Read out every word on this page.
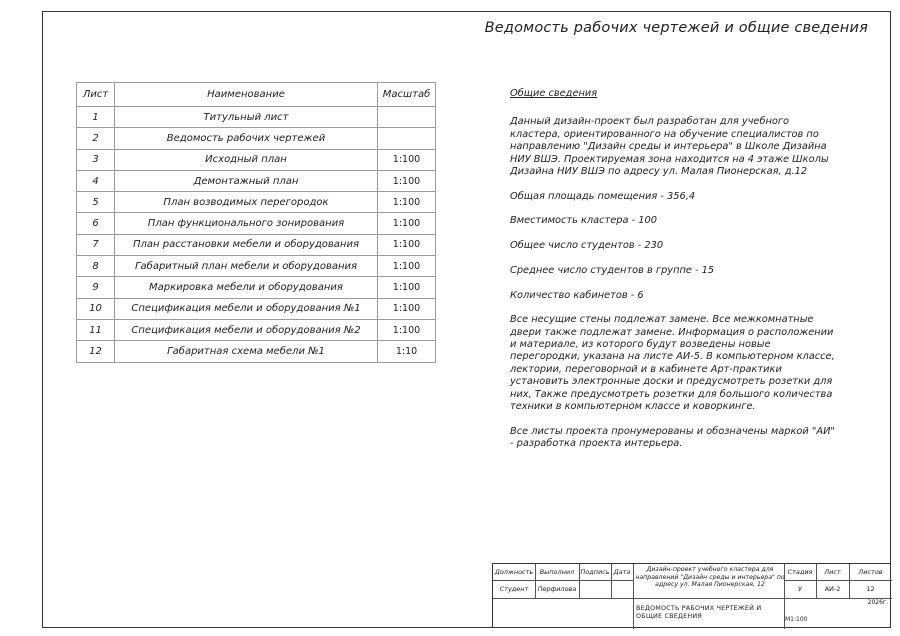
Ведомость рабочих чертежей и общие сведения
Лист	Наименование	Масштаб
1	Титульный лист	
2	Ведомость рабочих чертежей	
3	Исходный план	1:100
4	Демонтажный план	1:100
5	План возводимых перегородок	1:100
6	План функционального зонирования	1:100
7	План расстановки мебели и оборудования	1:100
8	Габаритный план мебели и оборудования	1:100
9	Маркировка мебели и оборудования	1:100
10	Спецификация мебели и оборудования №1	1:100
11	Спецификация мебели и оборудования №2	1:100
12	Габаритная схема мебели №1	1:10
Общие сведения

Данный дизайн-проект был разработан для учебного кластера, ориентированного на обучение специалистов по направлению "Дизайн среды и интерьера" в Школе Дизайна НИУ ВШЭ. Проектируемая зона находится на 4 этаже Школы Дизайна НИУ ВШЭ по адресу ул. Малая Пионерская, д.12

Общая площадь помещения - 356,4

Вместимость кластера - 100

Общее число студентов - 230

Среднее число студентов в группе - 15

Количество кабинетов - 6

Все несущие стены подлежат замене. Все межкомнатные двери также подлежат замене. Информация о расположении и материале, из которого будут возведены новые перегородки, указана на листе АИ-5. В компьютерном классе, лектории, переговорной и в кабинете Арт-практики установить электронные доски и предусмотреть розетки для них, Также предусмотреть розетки для большого количества техники в компьютерном классе и коворкинге.

Все листы проекта пронумерованы и обозначены маркой "АИ" - разработка проекта интерьера.

Должность Выполнил Подпись Дата
Студент	Перфилова
Дизайн-проект учебного кластера для направлений "Дизайн среды и интерьера" по адресу ул. Малая Пионерская, 12
Стадия	Лист	Листов
У	АИ-2	12
2026г.
ВЕДОМОСТЬ РАБОЧИХ ЧЕРТЕЖЕЙ И ОБЩИЕ СВЕДЕНИЯ	М1:100
